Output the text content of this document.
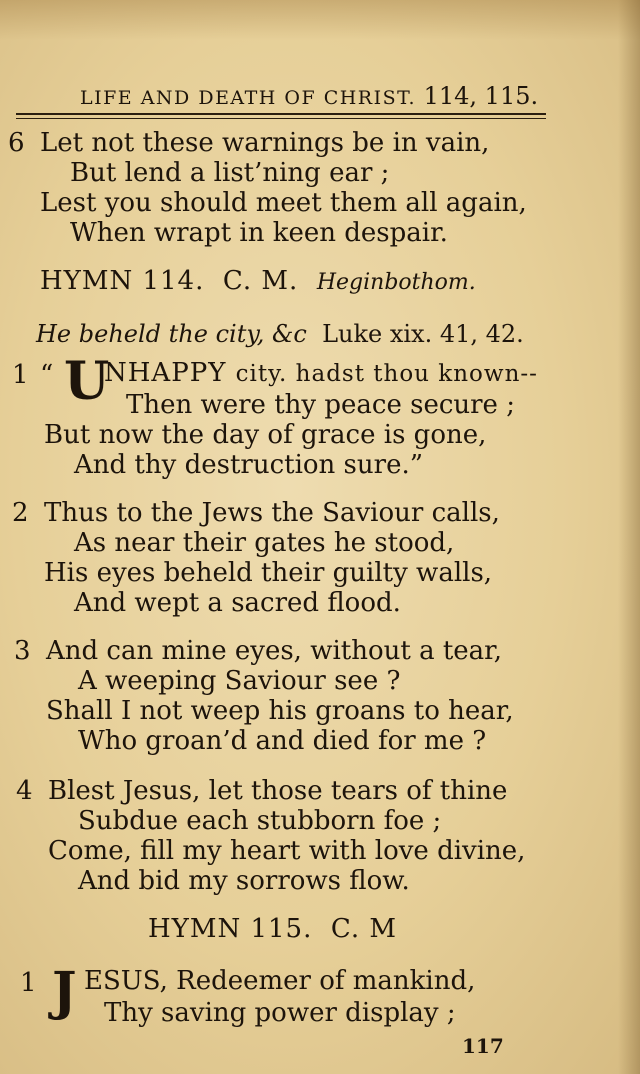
LIFE AND DEATH OF CHRIST. 114, 115.
6 Let not these warnings be in vain,
But lend a list’ning ear ;
Lest you should meet them all again,
When wrapt in keen despair.
HYMN 114. C. M. Heginbothom.
He beheld the city, &c Luke xix. 41, 42.
1 “ U
NHAPPY city. hadst thou known--
Then were thy peace secure ;
But now the day of grace is gone,
And thy destruction sure.”
2 Thus to the Jews the Saviour calls,
As near their gates he stood,
His eyes beheld their guilty walls,
And wept a sacred flood.
3 And can mine eyes, without a tear,
A weeping Saviour see ?
Shall I not weep his groans to hear,
Who groan’d and died for me ?
4 Blest Jesus, let those tears of thine
Subdue each stubborn foe ;
Come, fill my heart with love divine,
And bid my sorrows flow.
HYMN 115. C. M
1 J ESUS, Redeemer of mankind,
Thy saving power display ;
117
